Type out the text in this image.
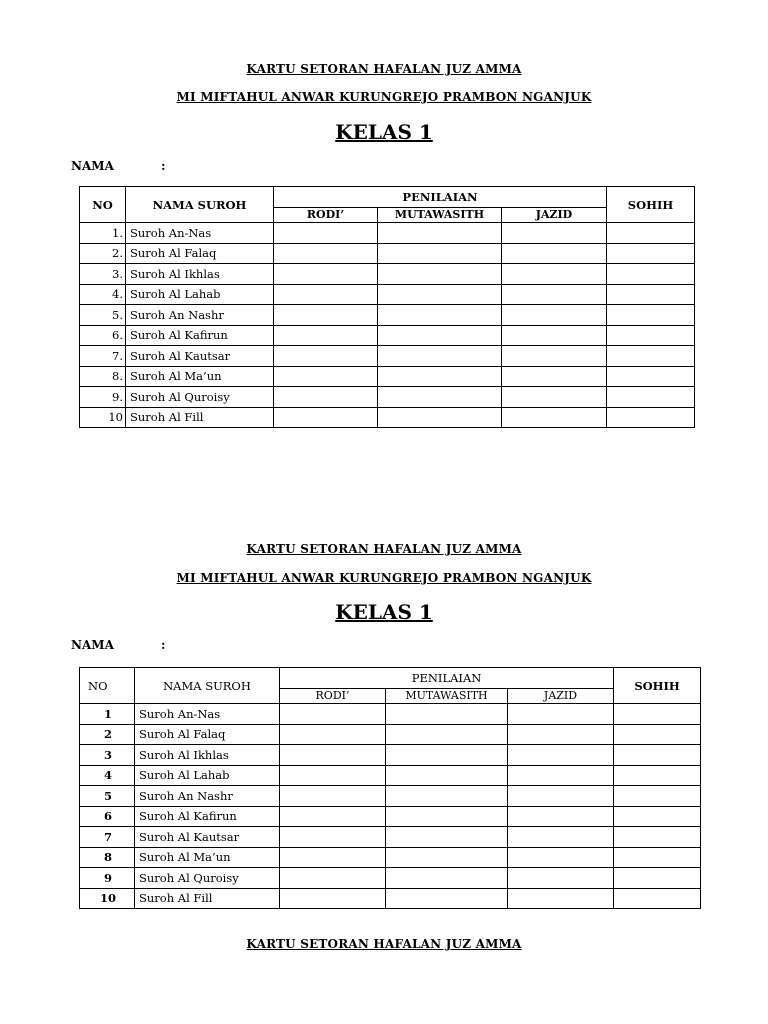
KARTU SETORAN HAFALAN JUZ AMMA
MI MIFTAHUL ANWAR KURUNGREJO PRAMBON NGANJUK
KELAS 1
NAMA	:
NO	NAMA SUROH	PENILAIAN			SOHIH
		RODI’	MUTAWASITH	JAZID	
1.	Suroh An-Nas				
2.	Suroh Al Falaq				
3.	Suroh Al Ikhlas				
4.	Suroh Al Lahab				
5.	Suroh An Nashr				
6.	Suroh Al Kafirun				
7.	Suroh Al Kautsar				
8.	Suroh Al Ma’un				
9.	Suroh Al Quroisy				
10	Suroh Al Fill				
KARTU SETORAN HAFALAN JUZ AMMA
MI MIFTAHUL ANWAR KURUNGREJO PRAMBON NGANJUK
KELAS 1
NAMA	:
NO	NAMA SUROH	PENILAIAN			SOHIH
		RODI’	MUTAWASITH	JAZID	
1	Suroh An-Nas				
2	Suroh Al Falaq				
3	Suroh Al Ikhlas				
4	Suroh Al Lahab				
5	Suroh An Nashr				
6	Suroh Al Kafirun				
7	Suroh Al Kautsar				
8	Suroh Al Ma’un				
9	Suroh Al Quroisy				
10	Suroh Al Fill				
KARTU SETORAN HAFALAN JUZ AMMA
